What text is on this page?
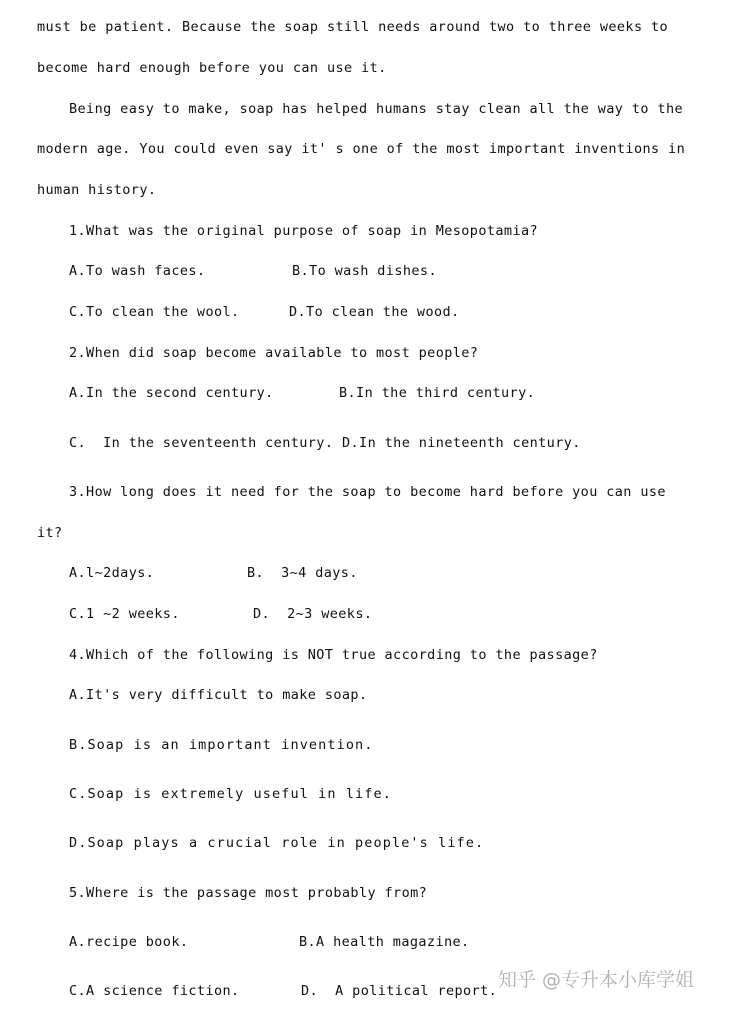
must be patient. Because the soap still needs around two to three weeks to
become hard enough before you can use it.
Being easy to make, soap has helped humans stay clean all the way to the
modern age. You could even say it' s one of the most important inventions in
human history.
1.What was the original purpose of soap in Mesopotamia?
A.To wash faces.	B.To wash dishes.
C.To clean the wool.	D.To clean the wood.
2.When did soap become available to most people?
A.In the second century.	B.In the third century.
C.  In the seventeenth century. D.In the nineteenth century.
3.How long does it need for the soap to become hard before you can use
it?
A.l~2days.	B.  3~4 days.
C.1 ~2 weeks.	D.  2~3 weeks.
4.Which of the following is NOT true according to the passage?
A.It's very difficult to make soap.
B.Soap is an important invention.
C.Soap is extremely useful in life.
D.Soap plays a crucial role in people's life.
5.Where is the passage most probably from?
A.recipe book.	B.A health magazine.
C.A science fiction.	D.  A political report. 知乎 @专升本小库学姐
